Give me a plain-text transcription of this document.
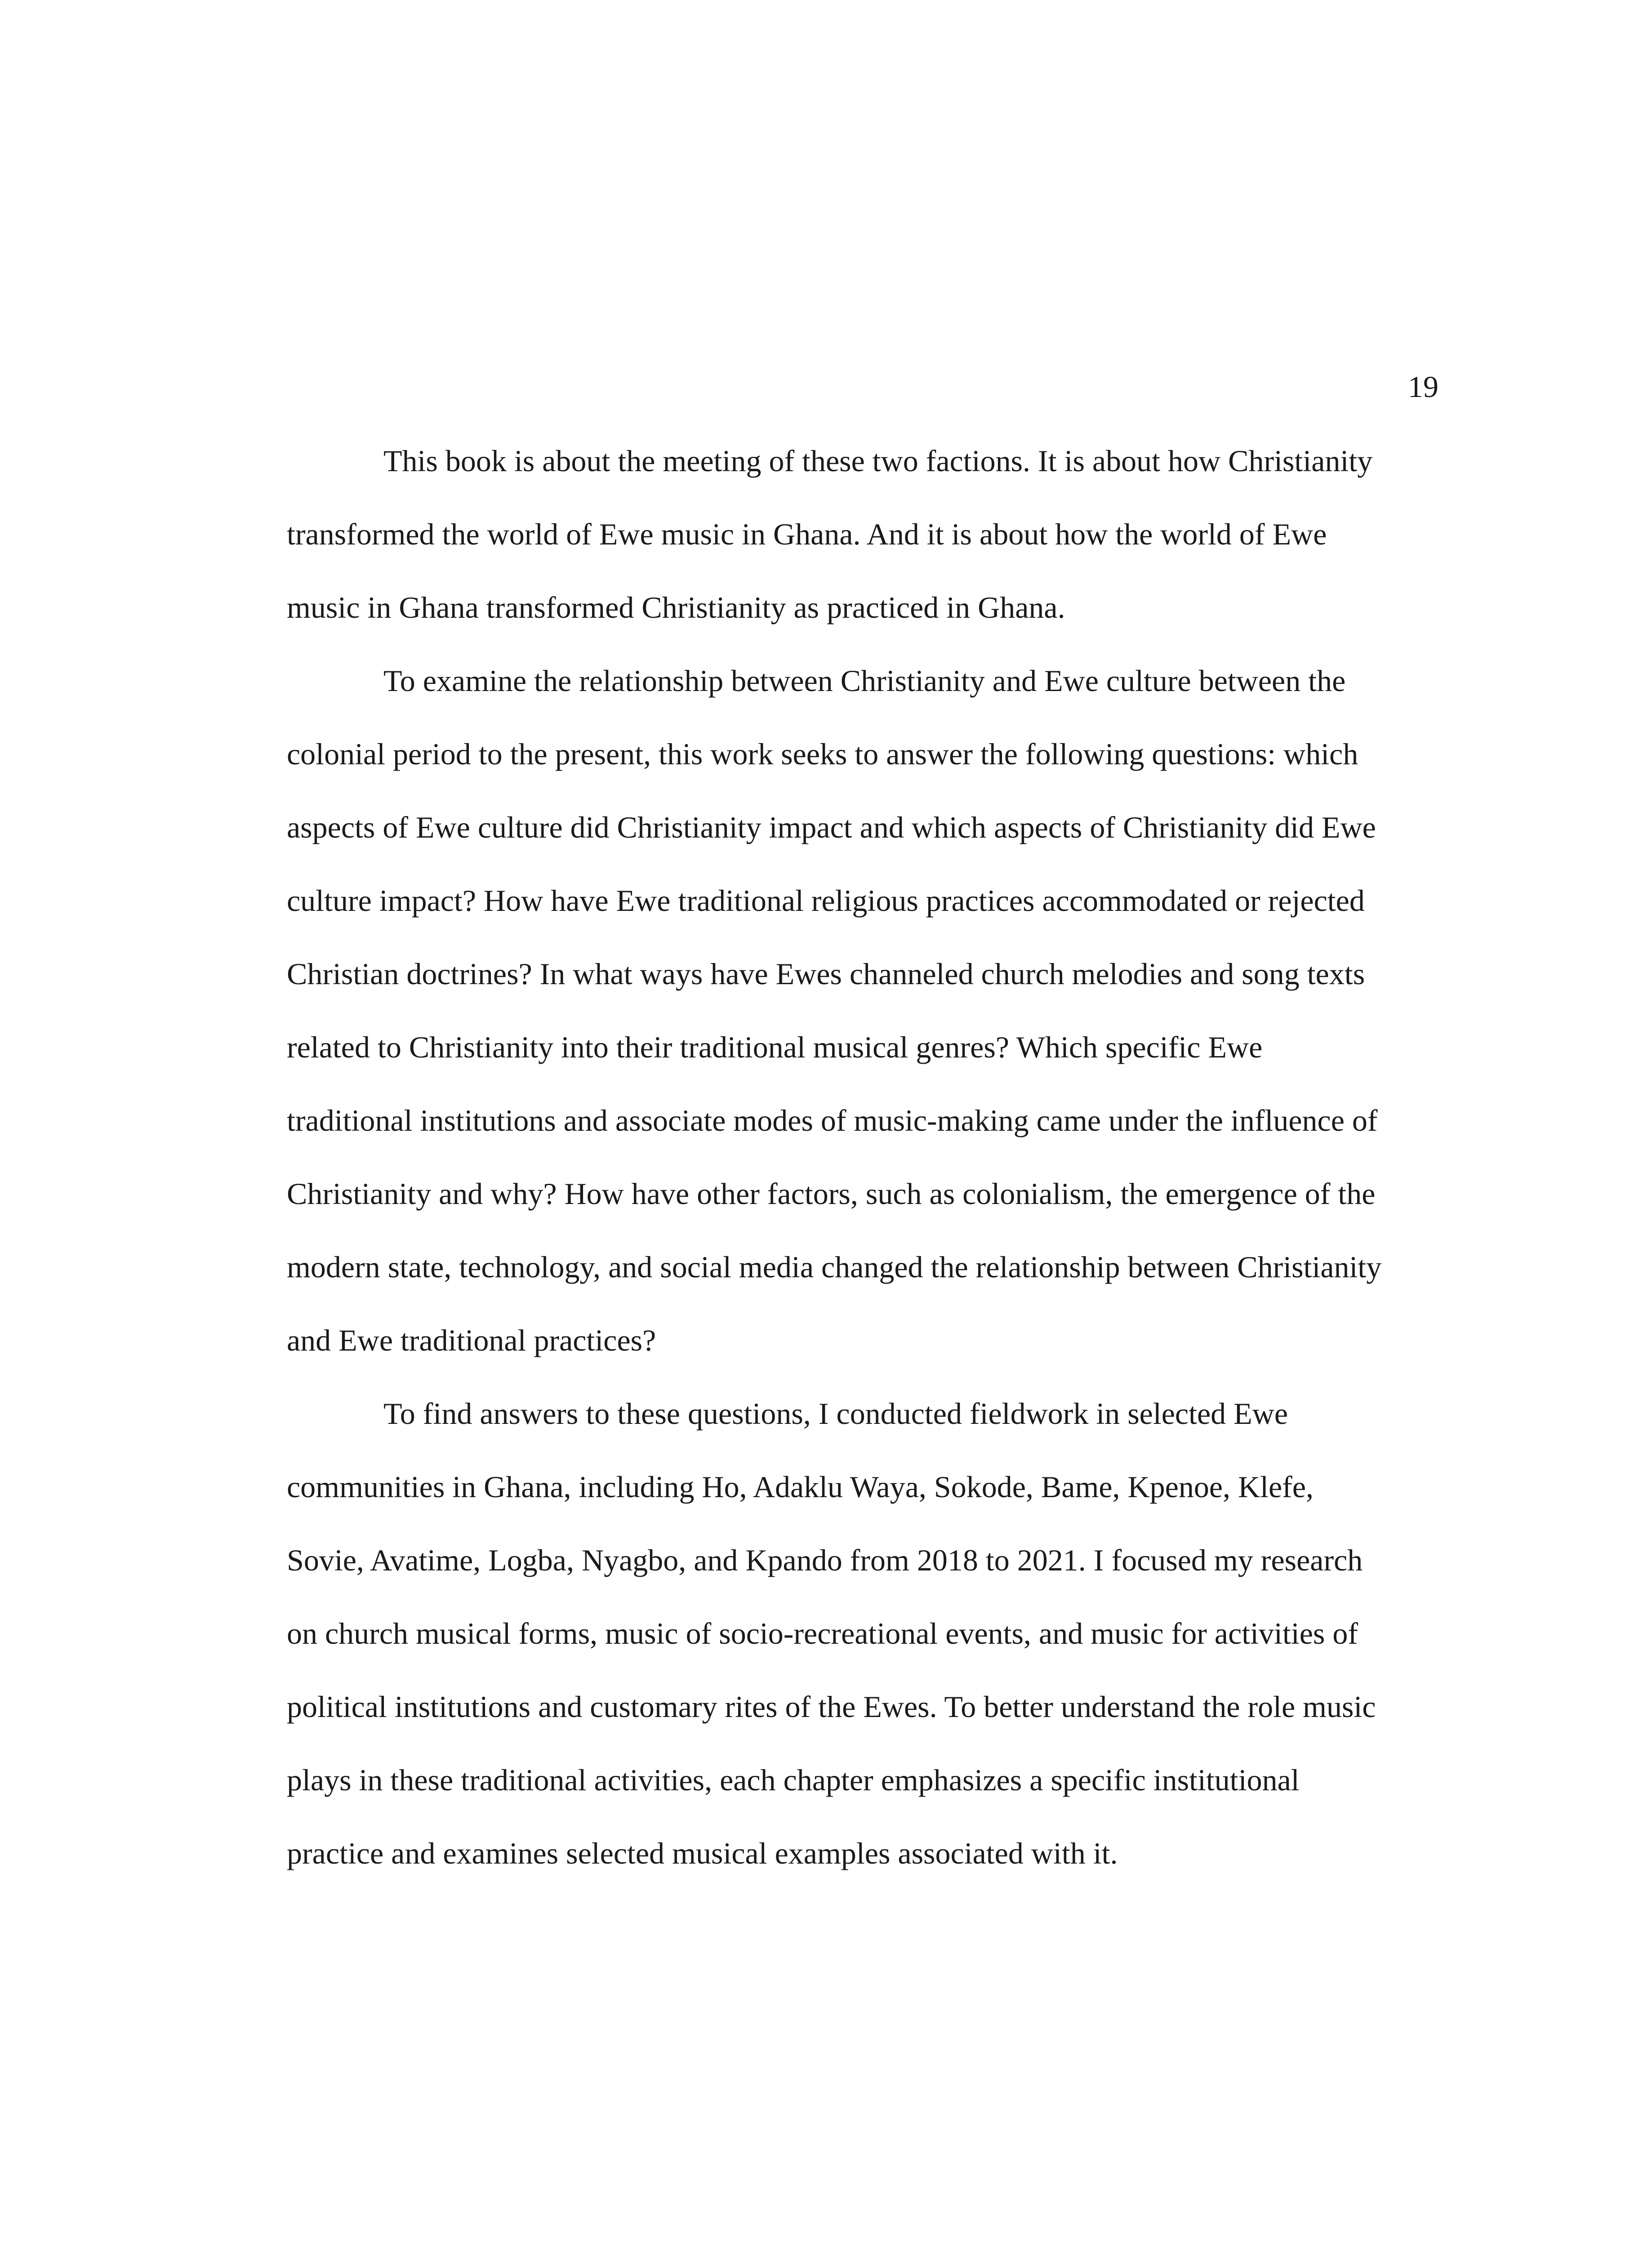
19
This book is about the meeting of these two factions. It is about how Christianity
transformed the world of Ewe music in Ghana. And it is about how the world of Ewe
music in Ghana transformed Christianity as practiced in Ghana.
To examine the relationship between Christianity and Ewe culture between the
colonial period to the present, this work seeks to answer the following questions: which
aspects of Ewe culture did Christianity impact and which aspects of Christianity did Ewe
culture impact? How have Ewe traditional religious practices accommodated or rejected
Christian doctrines? In what ways have Ewes channeled church melodies and song texts
related to Christianity into their traditional musical genres? Which specific Ewe
traditional institutions and associate modes of music-making came under the influence of
Christianity and why? How have other factors, such as colonialism, the emergence of the
modern state, technology, and social media changed the relationship between Christianity
and Ewe traditional practices?
To find answers to these questions, I conducted fieldwork in selected Ewe
communities in Ghana, including Ho, Adaklu Waya, Sokode, Bame, Kpenoe, Klefe,
Sovie, Avatime, Logba, Nyagbo, and Kpando from 2018 to 2021. I focused my research
on church musical forms, music of socio-recreational events, and music for activities of
political institutions and customary rites of the Ewes. To better understand the role music
plays in these traditional activities, each chapter emphasizes a specific institutional
practice and examines selected musical examples associated with it.
